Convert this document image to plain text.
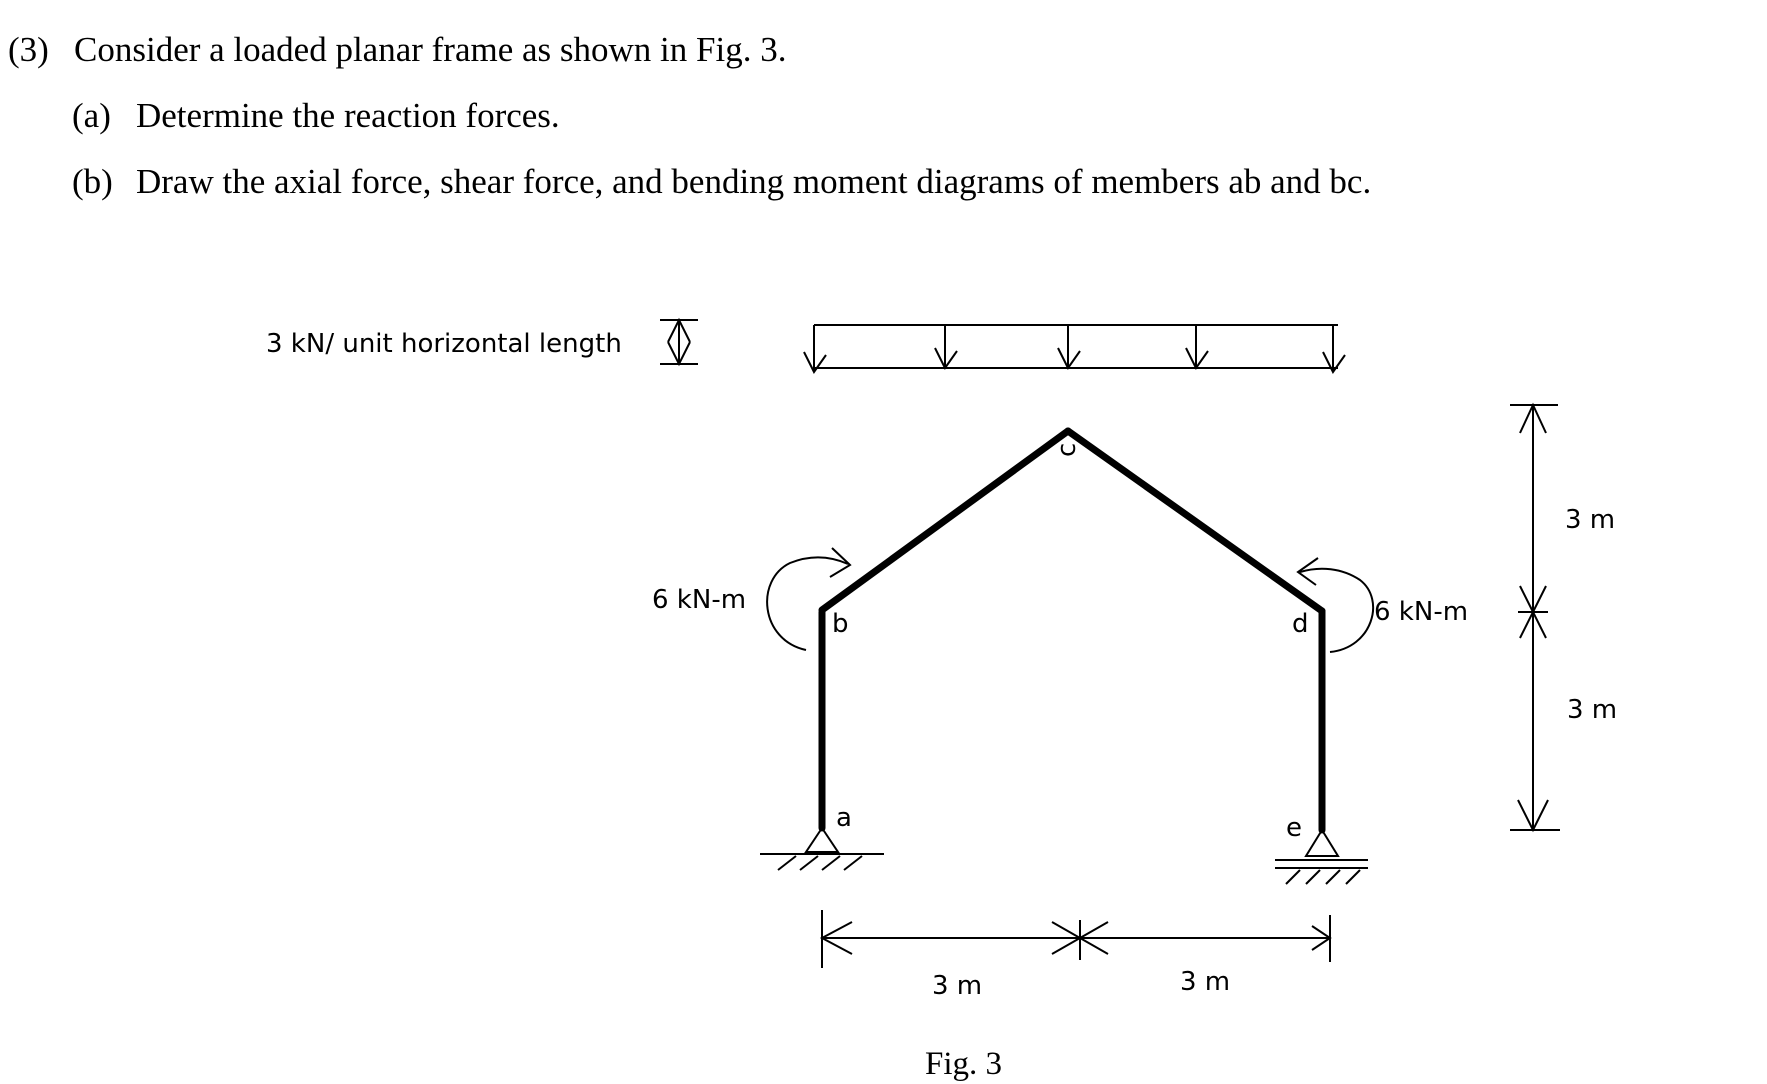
(3) Consider a loaded planar frame as shown in Fig. 3.
(a) Determine the reaction forces.
(b) Draw the axial force, shear force, and bending moment diagrams of members ab and bc.
3 kN/ unit horizontal length
c
b	d
a	e
6 kN-m	6 kN-m
3 m	3 m
3 m
3 m
Fig. 3
